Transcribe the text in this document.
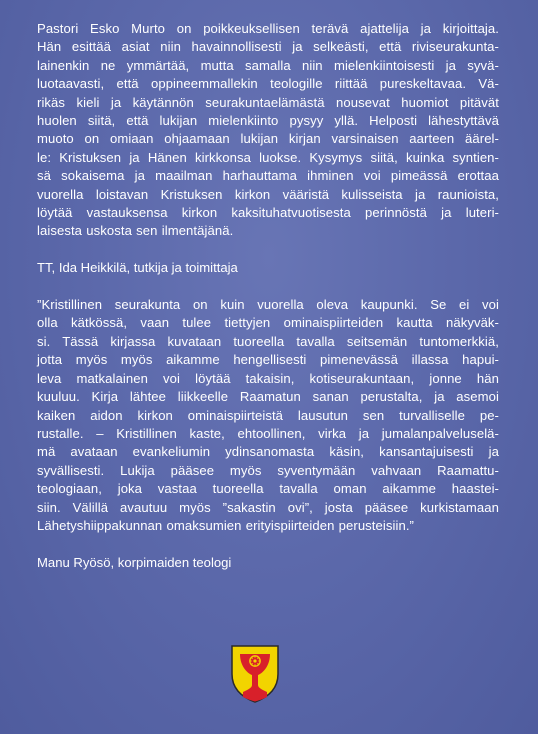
Pastori Esko Murto on poikkeuksellisen terävä ajattelija ja kirjoittaja.
Hän esittää asiat niin havainnollisesti ja selkeästi, että riviseurakunta-
lainenkin ne ymmärtää, mutta samalla niin mielenkiintoisesti ja syvä-
luotaavasti, että oppineemmallekin teologille riittää pureskeltavaa. Vä-
rikäs kieli ja käytännön seurakuntaelämästä nousevat huomiot pitävät
huolen siitä, että lukijan mielenkiinto pysyy yllä. Helposti lähestyttävä
muoto on omiaan ohjaamaan lukijan kirjan varsinaisen aarteen äärel-
le: Kristuksen ja Hänen kirkkonsa luokse. Kysymys siitä, kuinka syntien-
sä sokaisema ja maailman harhauttama ihminen voi pimeässä erottaa
vuorella loistavan Kristuksen kirkon vääristä kulisseista ja raunioista,
löytää vastauksensa kirkon kaksituhatvuotisesta perinnöstä ja luteri-
laisesta uskosta sen ilmentäjänä.

TT, Ida Heikkilä, tutkija ja toimittaja

”Kristillinen seurakunta on kuin vuorella oleva kaupunki. Se ei voi
olla kätkössä, vaan tulee tiettyjen ominaispiirteiden kautta näkyväk-
si. Tässä kirjassa kuvataan tuoreella tavalla seitsemän tuntomerkkiä,
jotta myös myös aikamme hengellisesti pimenevässä illassa hapui-
leva matkalainen voi löytää takaisin, kotiseurakuntaan, jonne hän
kuuluu. Kirja lähtee liikkeelle Raamatun sanan perustalta, ja asemoi
kaiken aidon kirkon ominaispiirteistä lausutun sen turvalliselle pe-
rustalle. – Kristillinen kaste, ehtoollinen, virka ja jumalanpalveluselä-
mä avataan evankeliumin ydinsanomasta käsin, kansantajuisesti ja
syvällisesti. Lukija pääsee myös syventymään vahvaan Raamattu-
teologiaan, joka vastaa tuoreella tavalla oman aikamme haastei-
siin. Välillä avautuu myös ”sakastin ovi”, josta pääsee kurkistamaan
Lähetyshiippakunnan omaksumien erityispiirteiden perusteisiin.”

Manu Ryösö, korpimaiden teologi
